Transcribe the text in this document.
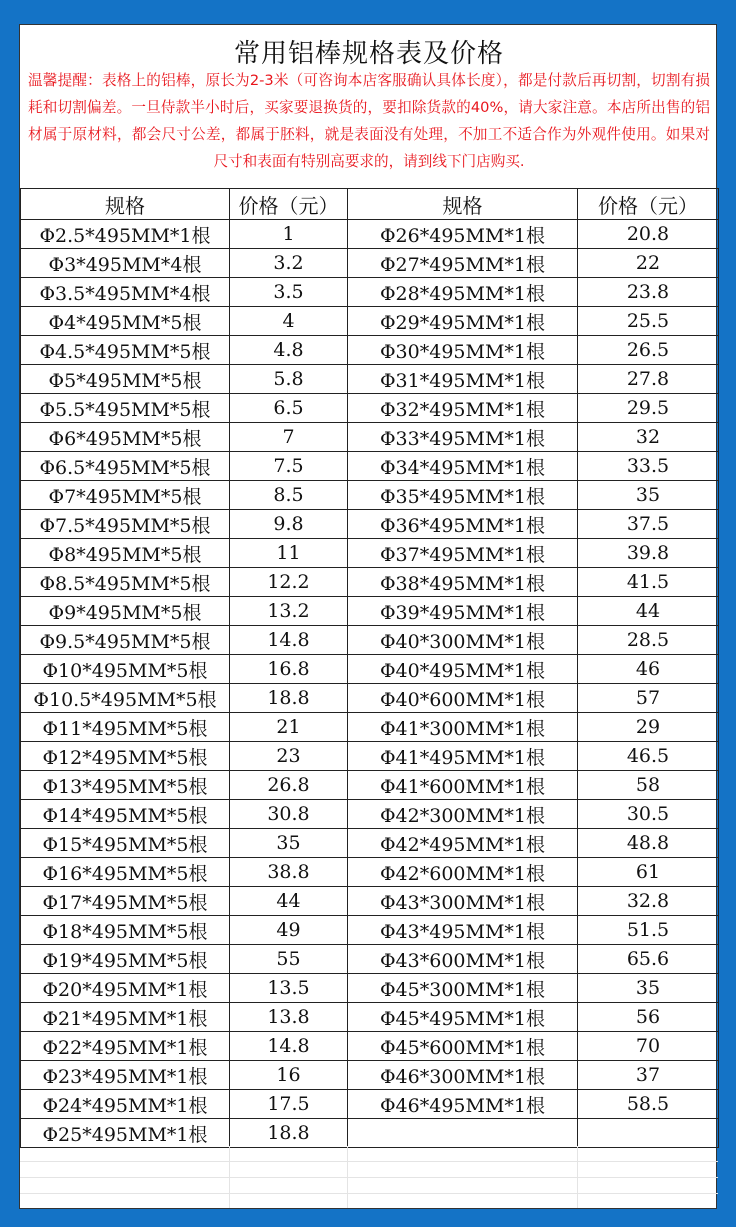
常用铝棒规格表及价格
温馨提醒：表格上的铝棒，原长为2-3米（可咨询本店客服确认具体长度），都是付款后再切割，切割有损耗和切割偏差。一旦侍款半小时后，买家要退换货的，要扣除货款的40%，请大家注意。本店所出售的铝材属于原材料，都会尺寸公差，都属于胚料，就是表面没有处理，不加工不适合作为外观件使用。如果对尺寸和表面有特别高要求的，请到线下门店购买.
规格	价格（元）	规格	价格（元）
Φ2.5*495MM*1根	1	Φ26*495MM*1根	20.8
Φ3*495MM*4根	3.2	Φ27*495MM*1根	22
Φ3.5*495MM*4根	3.5	Φ28*495MM*1根	23.8
Φ4*495MM*5根	4	Φ29*495MM*1根	25.5
Φ4.5*495MM*5根	4.8	Φ30*495MM*1根	26.5
Φ5*495MM*5根	5.8	Φ31*495MM*1根	27.8
Φ5.5*495MM*5根	6.5	Φ32*495MM*1根	29.5
Φ6*495MM*5根	7	Φ33*495MM*1根	32
Φ6.5*495MM*5根	7.5	Φ34*495MM*1根	33.5
Φ7*495MM*5根	8.5	Φ35*495MM*1根	35
Φ7.5*495MM*5根	9.8	Φ36*495MM*1根	37.5
Φ8*495MM*5根	11	Φ37*495MM*1根	39.8
Φ8.5*495MM*5根	12.2	Φ38*495MM*1根	41.5
Φ9*495MM*5根	13.2	Φ39*495MM*1根	44
Φ9.5*495MM*5根	14.8	Φ40*300MM*1根	28.5
Φ10*495MM*5根	16.8	Φ40*495MM*1根	46
Φ10.5*495MM*5根	18.8	Φ40*600MM*1根	57
Φ11*495MM*5根	21	Φ41*300MM*1根	29
Φ12*495MM*5根	23	Φ41*495MM*1根	46.5
Φ13*495MM*5根	26.8	Φ41*600MM*1根	58
Φ14*495MM*5根	30.8	Φ42*300MM*1根	30.5
Φ15*495MM*5根	35	Φ42*495MM*1根	48.8
Φ16*495MM*5根	38.8	Φ42*600MM*1根	61
Φ17*495MM*5根	44	Φ43*300MM*1根	32.8
Φ18*495MM*5根	49	Φ43*495MM*1根	51.5
Φ19*495MM*5根	55	Φ43*600MM*1根	65.6
Φ20*495MM*1根	13.5	Φ45*300MM*1根	35
Φ21*495MM*1根	13.8	Φ45*495MM*1根	56
Φ22*495MM*1根	14.8	Φ45*600MM*1根	70
Φ23*495MM*1根	16	Φ46*300MM*1根	37
Φ24*495MM*1根	17.5	Φ46*495MM*1根	58.5
Φ25*495MM*1根	18.8		
